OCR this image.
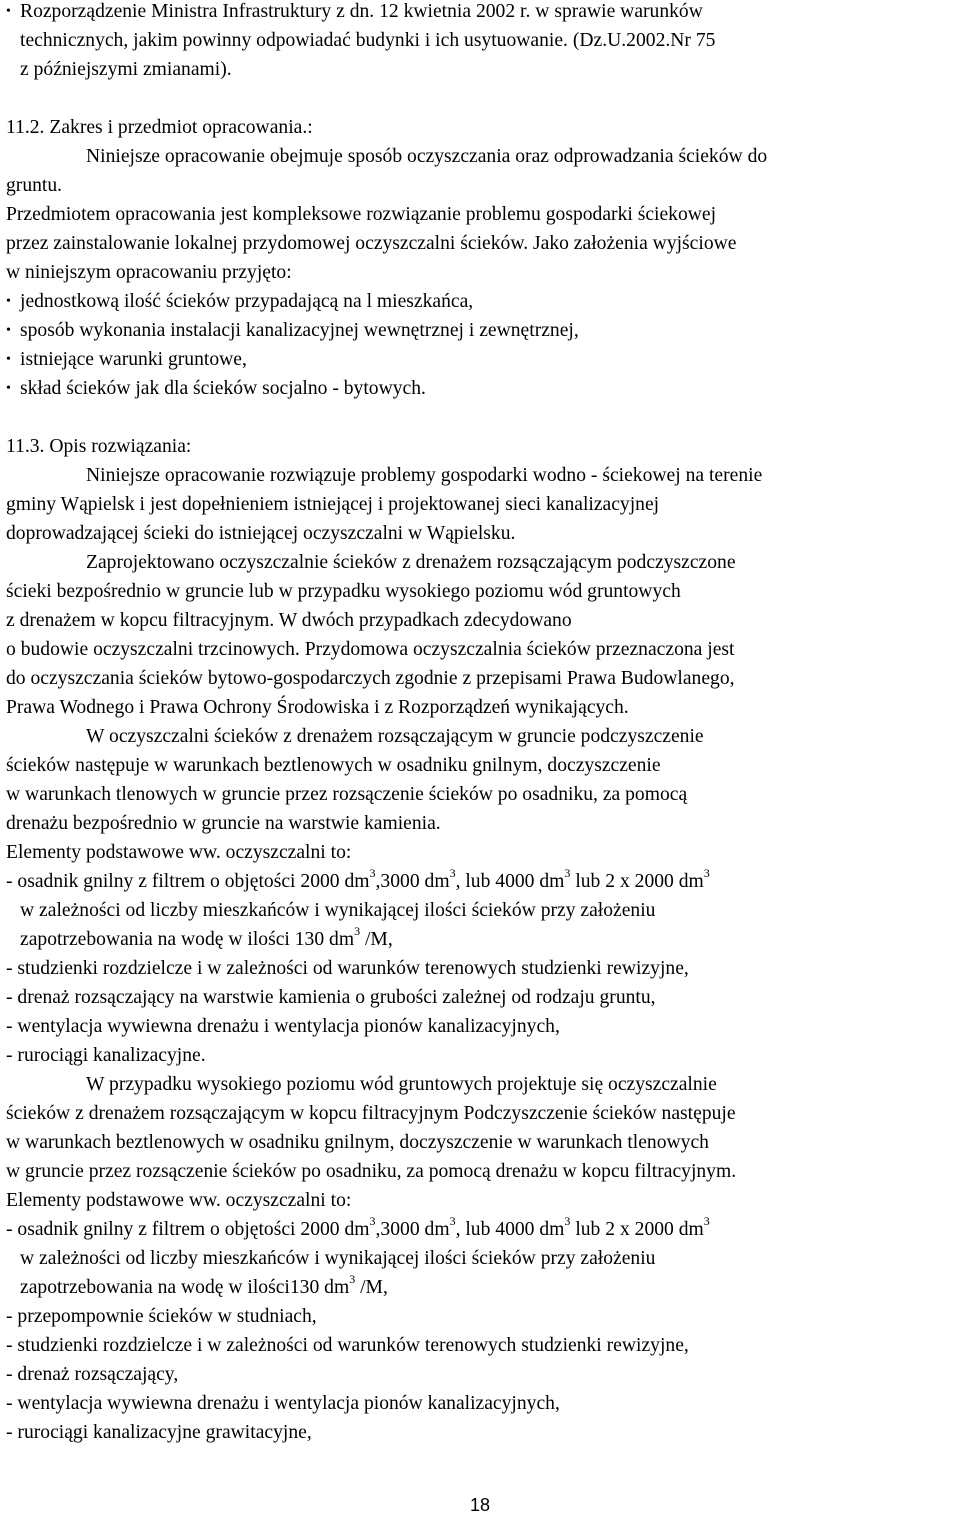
• Rozporządzenie Ministra Infrastruktury z dn. 12 kwietnia 2002 r. w sprawie warunków
technicznych, jakim powinny odpowiadać budynki i ich usytuowanie. (Dz.U.2002.Nr 75
z późniejszymi zmianami).
11.2. Zakres i przedmiot opracowania.:
Niniejsze opracowanie obejmuje sposób oczyszczania oraz odprowadzania ścieków do
gruntu.
Przedmiotem opracowania jest kompleksowe rozwiązanie problemu gospodarki ściekowej
przez zainstalowanie lokalnej przydomowej oczyszczalni ścieków. Jako założenia wyjściowe
w niniejszym opracowaniu przyjęto:
• jednostkową ilość ścieków przypadającą na l mieszkańca,
• sposób wykonania instalacji kanalizacyjnej wewnętrznej i zewnętrznej,
• istniejące warunki gruntowe,
• skład ścieków jak dla ścieków socjalno - bytowych.
11.3. Opis rozwiązania:
Niniejsze opracowanie rozwiązuje problemy gospodarki wodno - ściekowej na terenie
gminy Wąpielsk i jest dopełnieniem istniejącej i projektowanej sieci kanalizacyjnej
doprowadzającej ścieki do istniejącej oczyszczalni w Wąpielsku.
Zaprojektowano oczyszczalnie ścieków z drenażem rozsączającym podczyszczone
ścieki bezpośrednio w gruncie lub w przypadku wysokiego poziomu wód gruntowych
z drenażem w kopcu filtracyjnym. W dwóch przypadkach zdecydowano
o budowie oczyszczalni trzcinowych. Przydomowa oczyszczalnia ścieków przeznaczona jest
do oczyszczania ścieków bytowo-gospodarczych zgodnie z przepisami Prawa Budowlanego,
Prawa Wodnego i Prawa Ochrony Środowiska i z Rozporządzeń wynikających.
W oczyszczalni ścieków z drenażem rozsączającym w gruncie podczyszczenie
ścieków następuje w warunkach beztlenowych w osadniku gnilnym, doczyszczenie
w warunkach tlenowych w gruncie przez rozsączenie ścieków po osadniku, za pomocą
drenażu bezpośrednio w gruncie na warstwie kamienia.
Elementy podstawowe ww. oczyszczalni to:
- osadnik gnilny z filtrem o objętości 2000 $dm^3,3000$ $dm^3$, lub 4000 $dm^3$ lub 2 x 2000 $dm^3$
w zależności od liczby mieszkańców i wynikającej ilości ścieków przy założeniu
zapotrzebowania na wodę w ilości 130 $dm^3$ /M,
- studzienki rozdzielcze i w zależności od warunków terenowych studzienki rewizyjne,
- drenaż rozsączający na warstwie kamienia o grubości zależnej od rodzaju gruntu,
- wentylacja wywiewna drenażu i wentylacja pionów kanalizacyjnych,
- rurociągi kanalizacyjne.
W przypadku wysokiego poziomu wód gruntowych projektuje się oczyszczalnie
ścieków z drenażem rozsączającym w kopcu filtracyjnym Podczyszczenie ścieków następuje
w warunkach beztlenowych w osadniku gnilnym, doczyszczenie w warunkach tlenowych
w gruncie przez rozsączenie ścieków po osadniku, za pomocą drenażu w kopcu filtracyjnym.
Elementy podstawowe ww. oczyszczalni to:
- osadnik gnilny z filtrem o objętości 2000 $dm^3,3000$ $dm^3$, lub 4000 $dm^3$ lub 2 x 2000 $dm^3$
w zależności od liczby mieszkańców i wynikającej ilości ścieków przy założeniu
zapotrzebowania na wodę w ilości130 $dm^3$ /M,
- przepompownie ścieków w studniach,
- studzienki rozdzielcze i w zależności od warunków terenowych studzienki rewizyjne,
- drenaż rozsączający,
- wentylacja wywiewna drenażu i wentylacja pionów kanalizacyjnych,
- rurociągi kanalizacyjne grawitacyjne,
18
